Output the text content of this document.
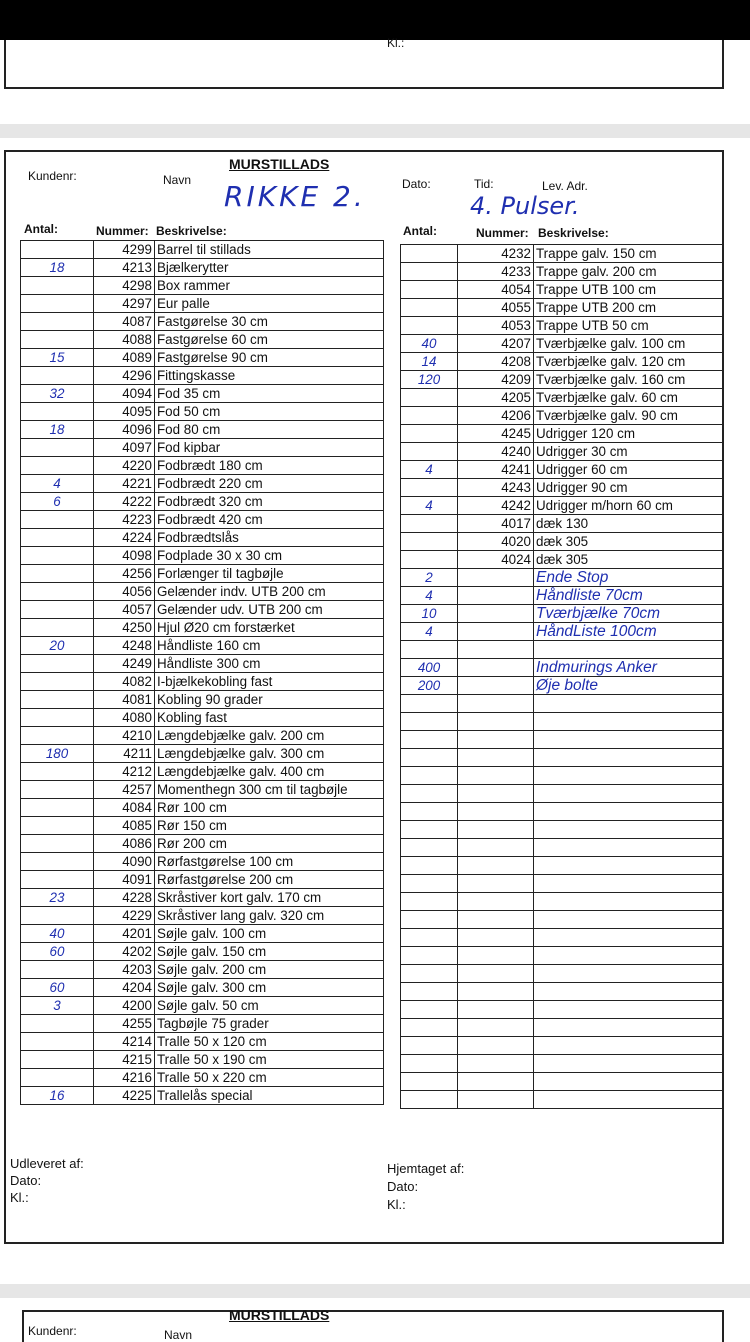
Kl.:
MURSTILLADS
Kundenr:	Navn RIKKE 2.	Dato:	Tid:
4. Pulser.
Lev. Adr.
Antal:	Nummer: Beskrivelse:	Antal:	Nummer: Beskrivelse:
	4299	Barrel til stillads
18	4213	Bjælkerytter
	4298	Box rammer
	4297	Eur palle
	4087	Fastgørelse 30 cm
	4088	Fastgørelse 60 cm
15	4089	Fastgørelse 90 cm
	4296	Fittingskasse
32	4094	Fod 35 cm
	4095	Fod 50 cm
18	4096	Fod 80 cm
	4097	Fod kipbar
	4220	Fodbrædt 180 cm
4	4221	Fodbrædt 220 cm
6	4222	Fodbrædt 320 cm
	4223	Fodbrædt 420 cm
	4224	Fodbrædtslås
	4098	Fodplade 30 x 30 cm
	4256	Forlænger til tagbøjle
	4056	Gelænder indv. UTB 200 cm
	4057	Gelænder udv. UTB 200 cm
	4250	Hjul Ø20 cm forstærket
20	4248	Håndliste 160 cm
	4249	Håndliste 300 cm
	4082	I-bjælkekobling fast
	4081	Kobling 90 grader
	4080	Kobling fast
	4210	Længdebjælke galv. 200 cm
180	4211	Længdebjælke galv. 300 cm
	4212	Længdebjælke galv. 400 cm
	4257	Momenthegn 300 cm til tagbøjle
	4084	Rør 100 cm
	4085	Rør 150 cm
	4086	Rør 200 cm
	4090	Rørfastgørelse 100 cm
	4091	Rørfastgørelse 200 cm
23	4228	Skråstiver kort galv. 170 cm
	4229	Skråstiver lang galv. 320 cm
40	4201	Søjle galv. 100 cm
60	4202	Søjle galv. 150 cm
	4203	Søjle galv. 200 cm
60	4204	Søjle galv. 300 cm
3	4200	Søjle galv. 50 cm
	4255	Tagbøjle 75 grader
	4214	Tralle 50 x 120 cm
	4215	Tralle 50 x 190 cm
	4216	Tralle 50 x 220 cm
16	4225	Trallelås special
	4232	Trappe galv. 150 cm
	4233	Trappe galv. 200 cm
	4054	Trappe UTB 100 cm
	4055	Trappe UTB 200 cm
	4053	Trappe UTB 50 cm
40	4207	Tværbjælke galv. 100 cm
14	4208	Tværbjælke galv. 120 cm
120	4209	Tværbjælke galv. 160 cm
	4205	Tværbjælke galv. 60 cm
	4206	Tværbjælke galv. 90 cm
	4245	Udrigger 120 cm
	4240	Udrigger 30 cm
4	4241	Udrigger 60 cm
	4243	Udrigger 90 cm
4	4242	Udrigger m/horn 60 cm
	4017	dæk 130
	4020	dæk 305
	4024	dæk 305
2		Ende Stop
4		Håndliste 70cm
10		Tværbjælke 70cm
4		HåndListe 100cm

400		Indmurings Anker
200		Øje bolte

Udleveret af:
Dato:
Kl.:
Hjemtaget af:
Dato:
Kl.:
MURSTILLADS
Kundenr:	Navn
